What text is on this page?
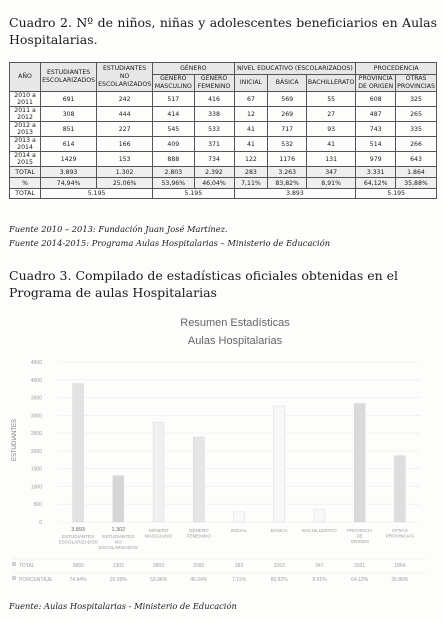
Cuadro 2. Nº de niños, niñas y adolescentes beneficiarios en Aulas Hospitalarias.
AÑO	ESTUDIANTES ESCOLARIZADOS	ESTUDIANTES NO ESCOLARIZADOS	GÉNERO		NIVEL EDUCATIVO (ESCOLARIZADOS)			PROCEDENCIA	
			GÉNERO MASCULINO	GÉNERO FEMENINO	INICIAL	BÁSICA	BACHILLERATO	PROVINCIA DE ORIGEN	OTRAS PROVINCIAS
2010 a 2011	691	242	517	416	67	569	55	608	325
2011 a 2012	308	444	414	338	12	269	27	487	265
2012 a 2013	851	227	545	533	41	717	93	743	335
2013 a 2014	614	166	409	371	41	532	41	514	266
2014 a 2015	1429	153	888	734	122	1176	131	979	643
TOTAL	3.893	1.302	2.803	2.392	283	3.263	347	3.331	1.864
%	74,94%	25,06%	53,96%	46,04%	7,11%	83,82%	8,91%	64,12%	35,88%
TOTAL	5.195		5.195		3.893			5.195	
Fuente 2010 – 2013: Fundación Juan José Martínez.
Fuente 2014-2015: Programa Aulas Hospitalarias – Ministerio de Educación
Cuadro 3. Compilado de estadísticas oficiales obtenidas en el Programa de aulas Hospitalarias
Resumen Estadísticas
Aulas Hospitalarias
ESTUDIANTES
0
500
1000
1500
2000
2500
3000
3500
4000
4500
3.893
ESTUDIANTES ESCOLARIZADOS
1.302
ESTUDIANTES NO ESCOLARIZADOS
GÉNERO MASCULINO
GÉNERO FEMENINO
INICIAL	BÁSICA	BACHILLERATO PROVINCIA DE ORIGEN
OTRAS PROVINCIAS
TOTAL	3893	1302	2803	2392	283	3263	347	3331	1864
PORCENTAJE	74.94%	25.06%	53.96%	46.04%	7.11%	83.82%	8.91%	64.12%	35.88%
Fuente: Aulas Hospitalarias - Ministerio de Educación
